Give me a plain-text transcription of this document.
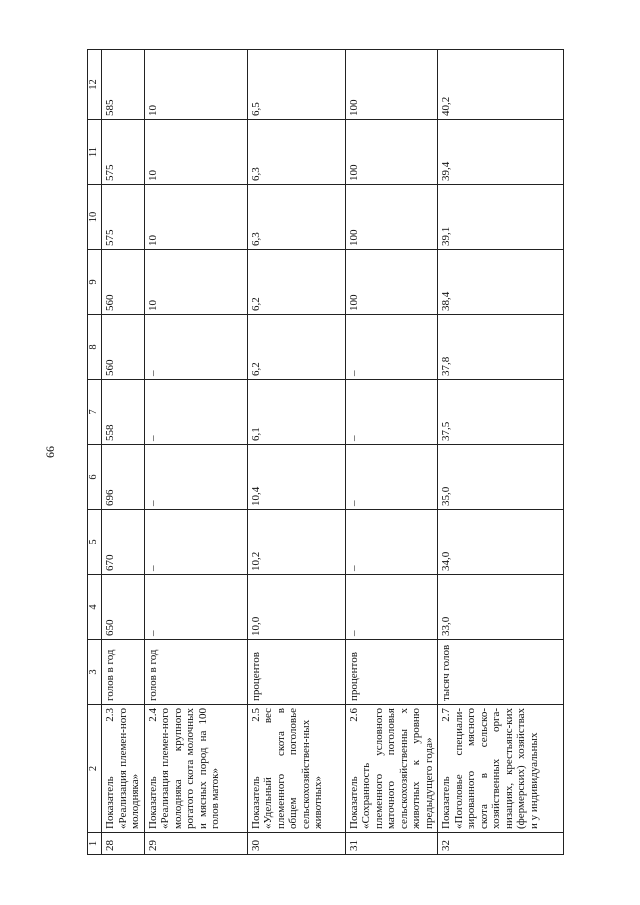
66
1	2	3	4	5	6	7	8	9	10	11	12
28	Показатель 2.3 «Реализация племен-ного молодняка»	голов в год	650	670	696	558	560	560	575	575	585
29	Показатель 2.4 «Реализация племен-ного молодняка крупного рогатого скота молочных и мясных пород на 100 голов маток»	голов в год	–	–	–	–	–	10	10	10	10
30	Показатель 2.5 «Удельный вес племенного скота в общем поголовье сельскохозяйствен-ных животных»	процентов	10,0	10,2	10,4	6,1	6,2	6,2	6,3	6,3	6,5
31	Показатель 2.6 «Сохранность племенного условного маточного поголовья сельскохозяйственны х животных к уровню предыдущего года»	процентов	–	–	–	–	–	100	100	100	100
32	Показатель 2.7 «Поголовье специали-зированного мясного скота в сельско-хозяйственных орга-низациях, крестьянс-ких (фермерских) хозяйствах и у индивидуальных	тысяч голов	33,0	34,0	35,0	37,5	37,8	38,4	39,1	39,4	40,2
